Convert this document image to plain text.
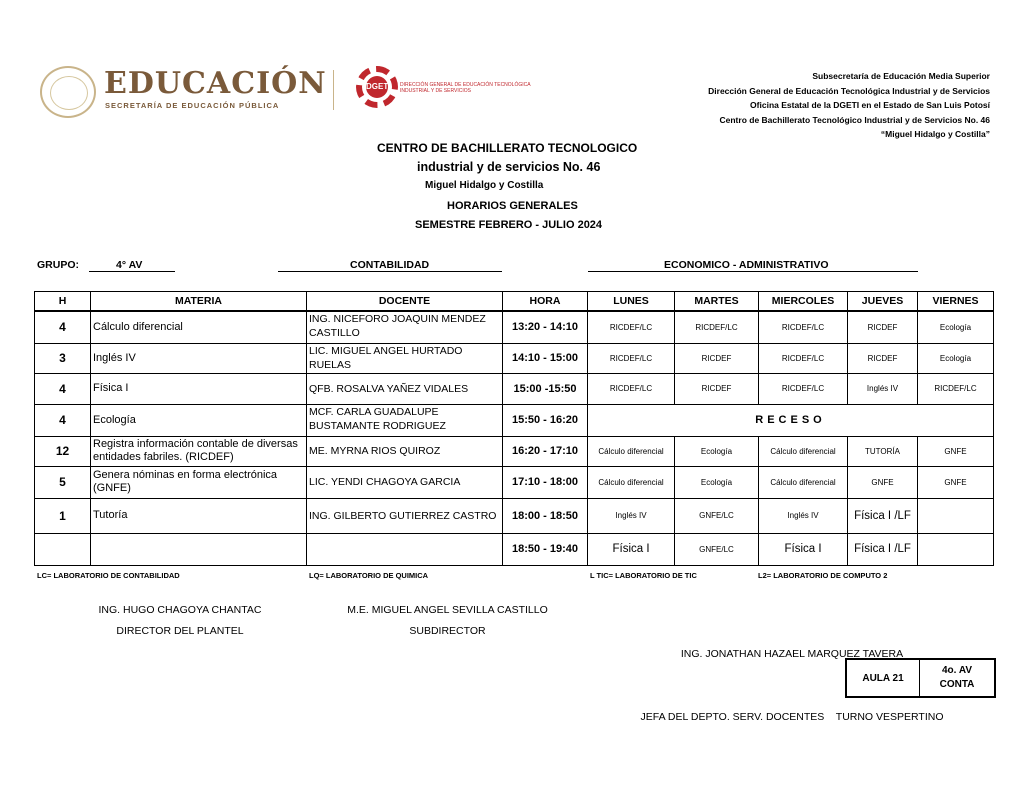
EDUCACIÓN
SECRETARÍA DE EDUCACIÓN PÚBLICA
DGETI DIRECCIÓN GENERAL DE EDUCACIÓN TECNOLÓGICA INDUSTRIAL Y DE SERVICIOS
Subsecretaría de Educación Media Superior
Dirección General de Educación Tecnológica Industrial y de Servicios
Oficina Estatal de la DGETI en el Estado de San Luis Potosí
Centro de Bachillerato Tecnológico Industrial y de Servicios No. 46
“Miguel Hidalgo y Costilla”
CENTRO DE BACHILLERATO TECNOLOGICO
industrial y de servicios No. 46
Miguel Hidalgo y Costilla
HORARIOS GENERALES
SEMESTRE FEBRERO - JULIO 2024
GRUPO:	4° AV	CONTABILIDAD	ECONOMICO - ADMINISTRATIVO
H	MATERIA	DOCENTE	HORA	LUNES	MARTES	MIERCOLES	JUEVES	VIERNES
4	Cálculo diferencial	ING. NICEFORO JOAQUIN MENDEZ CASTILLO	13:20 - 14:10	RICDEF/LC	RICDEF/LC	RICDEF/LC	RICDEF	Ecología
3	Inglés IV	LIC. MIGUEL ANGEL HURTADO RUELAS	14:10 - 15:00	RICDEF/LC	RICDEF	RICDEF/LC	RICDEF	Ecología
4	Física I	QFB. ROSALVA YAÑEZ VIDALES	15:00 -15:50	RICDEF/LC	RICDEF	RICDEF/LC	Inglés IV	RICDEF/LC
4	Ecología	MCF. CARLA GUADALUPE BUSTAMANTE RODRIGUEZ	15:50 - 16:20	RECESO				
12	Registra información contable de diversas entidades fabriles. (RICDEF)	ME. MYRNA RIOS QUIROZ	16:20 - 17:10	Cálculo diferencial	Ecología	Cálculo diferencial	TUTORÍA	GNFE
5	Genera nóminas en forma electrónica (GNFE)	LIC. YENDI CHAGOYA GARCIA	17:10 - 18:00	Cálculo diferencial	Ecología	Cálculo diferencial	GNFE	GNFE
1	Tutoría	ING. GILBERTO GUTIERREZ CASTRO	18:00 - 18:50	Inglés IV	GNFE/LC	Inglés IV	Física I /LF	
			18:50 - 19:40	Física I	GNFE/LC	Física I	Física I /LF	
LC= LABORATORIO DE CONTABILIDAD	LQ= LABORATORIO DE QUIMICA	L TIC= LABORATORIO DE TIC	L2= LABORATORIO DE COMPUTO 2
ING. HUGO CHAGOYA CHANTAC
DIRECTOR DEL PLANTEL
M.E. MIGUEL ANGEL SEVILLA CASTILLO
SUBDIRECTOR

ING. JONATHAN HAZAEL MARQUEZ TAVERA

JEFA DEL DEPTO. SERV. DOCENTES    TURNO VESPERTINO

AULA 21	
4o. AV
CONTA
